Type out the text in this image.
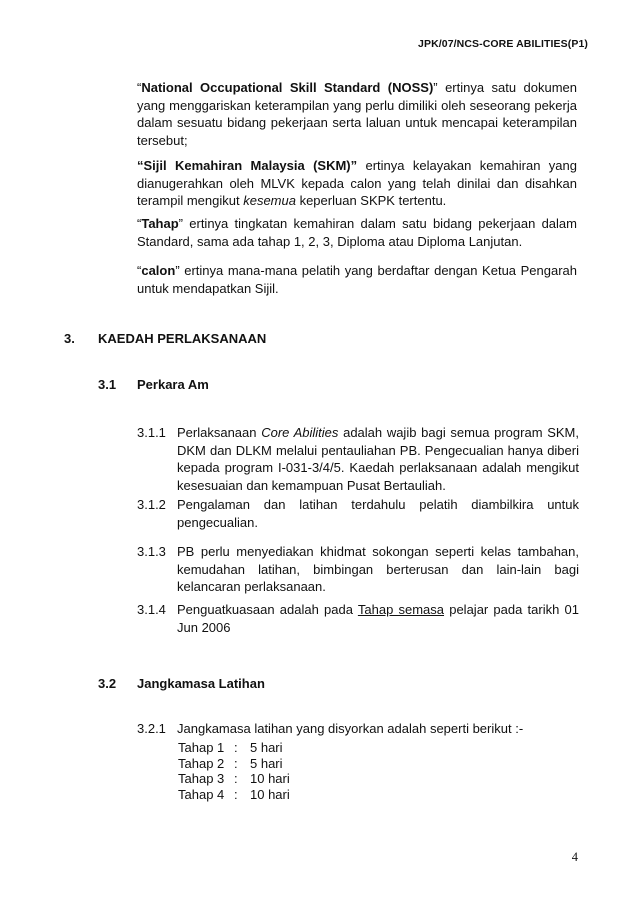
JPK/07/NCS-CORE ABILITIES(P1)

“National Occupational Skill Standard (NOSS)” ertinya satu dokumen yang menggariskan keterampilan yang perlu dimiliki oleh seseorang pekerja dalam sesuatu bidang pekerjaan serta laluan untuk mencapai keterampilan tersebut;

“Sijil Kemahiran Malaysia (SKM)” ertinya kelayakan kemahiran yang dianugerahkan oleh MLVK kepada calon yang telah dinilai dan disahkan terampil mengikut kesemua keperluan SKPK tertentu.

“Tahap” ertinya tingkatan kemahiran dalam satu bidang pekerjaan dalam Standard, sama ada tahap 1, 2, 3, Diploma atau Diploma Lanjutan.

“calon” ertinya mana-mana pelatih yang berdaftar dengan Ketua Pengarah untuk mendapatkan Sijil.

3. KAEDAH PERLAKSANAAN
3.1 Perkara Am
3.1.1 Perlaksanaan Core Abilities adalah wajib bagi semua program SKM, DKM dan DLKM melalui pentauliahan PB. Pengecualian hanya diberi kepada program I-031-3/4/5. Kaedah perlaksanaan adalah mengikut kesesuaian dan kemampuan Pusat Bertauliah.
3.1.2 Pengalaman dan latihan terdahulu pelatih diambilkira untuk pengecualian.
3.1.3 PB perlu menyediakan khidmat sokongan seperti kelas tambahan, kemudahan latihan, bimbingan berterusan dan lain-lain bagi kelancaran perlaksanaan.
3.1.4 Penguatkuasaan adalah pada Tahap semasa pelajar pada tarikh 01 Jun 2006
3.2 Jangkamasa Latihan
3.2.1 Jangkamasa latihan yang disyorkan adalah seperti berikut :-
Tahap 1	:	5 hari
Tahap 2	:	5 hari
Tahap 3	:	10 hari
Tahap 4	:	10 hari
4
